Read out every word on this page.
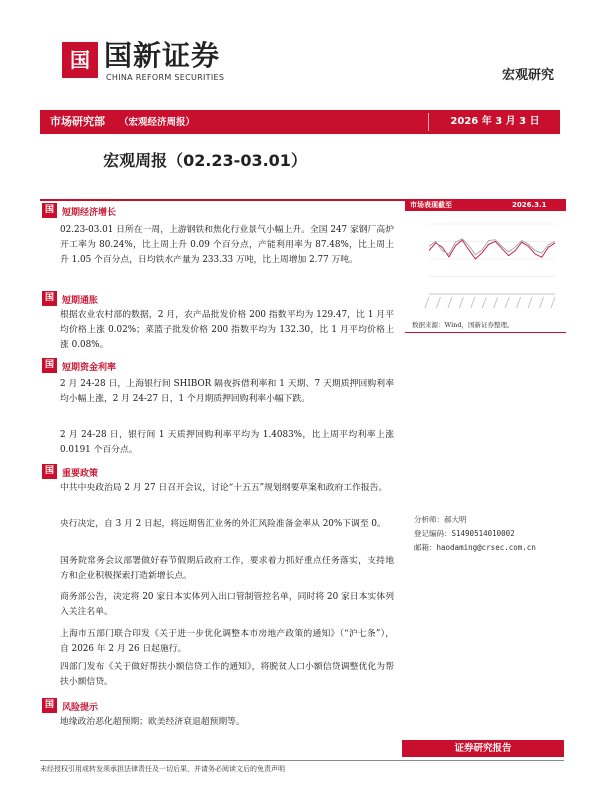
国 国新证券
CHINA REFORM SECURITIES	宏观研究
市场研究部 （宏观经济周报）	2026 年 3 月 3 日
宏观周报（02.23-03.01）
国 短期经济增长
02.23-03.01 日所在一周，上游钢铁和焦化行业景气小幅上升。全国 247 家钢厂高炉开工率为 80.24%，比上周上升 0.09 个百分点，产能利用率为 87.48%，比上周上升 1.05 个百分点，日均铁水产量为 233.33 万吨，比上周增加 2.77 万吨。
国 短期通胀
根据农业农村部的数据，2 月，农产品批发价格 200 指数平均为 129.47，比 1 月平均价格上涨 0.02%；菜篮子批发价格 200 指数平均为 132.30，比 1 月平均价格上涨 0.08%。
国 短期资金利率
2 月 24-28 日，上海银行间 SHIBOR 隔夜拆借利率和 1 天期、7 天期质押回购利率均小幅上涨，2 月 24-27 日，1 个月期质押回购利率小幅下跌。
2 月 24-28 日，银行间 1 天质押回购利率平均为 1.4083%，比上周平均利率上涨 0.0191 个百分点。
国 重要政策
中共中央政治局 2 月 27 日召开会议，讨论“十五五”规划纲要草案和政府工作报告。
央行决定，自 3 月 2 日起，将远期售汇业务的外汇风险准备金率从 20%下调至 0。
国务院常务会议部署做好春节假期后政府工作，要求着力抓好重点任务落实，支持地方和企业积极探索打造新增长点。
商务部公告，决定将 20 家日本实体列入出口管制管控名单，同时将 20 家日本实体列入关注名单。
上海市五部门联合印发《关于进一步优化调整本市房地产政策的通知》（“沪七条”），自 2026 年 2 月 26 日起施行。
四部门发布《关于做好帮扶小额信贷工作的通知》，将脱贫人口小额信贷调整优化为帮扶小额信贷。
国 风险提示
地缘政治恶化超预期；欧美经济衰退超预期等。
市场表现截至	2026.3.1
数据来源：Wind，国新证券整理。
分析师：郝大明
登记编码：S1490514010002
邮箱：haodaming@crsec.com.cn
证券研究报告
未经授权引用或转发须承担法律责任及一切后果，并请务必阅读文后的免责声明
